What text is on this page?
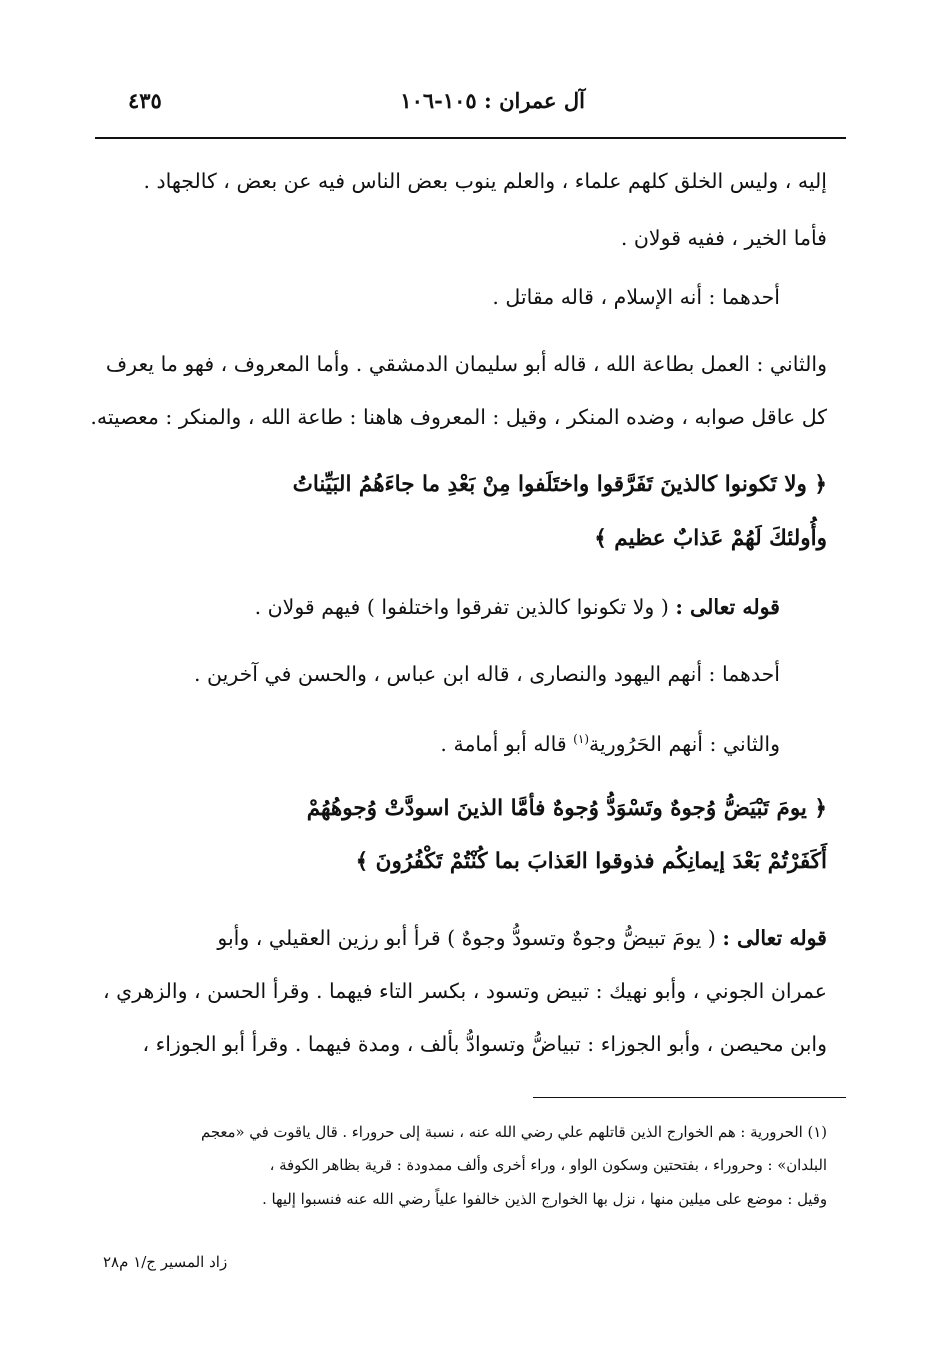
آل عمران : ١٠٥-١٠٦
٤٣٥
إليه ، وليس الخلق كلهم علماء ، والعلم ينوب بعض الناس فيه عن بعض ، كالجهاد .
فأما الخير ، ففيه قولان .
أحدهما : أنه الإسلام ، قاله مقاتل .
والثاني : العمل بطاعة الله ، قاله أبو سليمان الدمشقي . وأما المعروف ، فهو ما يعرف
كل عاقل صوابه ، وضده المنكر ، وقيل : المعروف هاهنا : طاعة الله ، والمنكر : معصيته.
﴿ ولا تَكونوا كالذينَ تَفَرَّقوا واختَلَفوا مِنْ بَعْدِ ما جاءَهُمُ البَيِّناتُ
وأُولئكَ لَهُمْ عَذابٌ عظيم ﴾
قوله تعالى : ( ولا تكونوا كالذين تفرقوا واختلفوا ) فيهم قولان .
أحدهما : أنهم اليهود والنصارى ، قاله ابن عباس ، والحسن في آخرين .
والثاني : أنهم الحَرُورية$^{(١)}$ قاله أبو أمامة .
﴿ يومَ تَبْيَضُّ وُجوهٌ وتَسْوَدُّ وُجوهٌ فأمَّا الذينَ اسودَّتْ وُجوهُهُمْ
أَكَفَرْتُمْ بَعْدَ إيمانِكُم فذوقوا العَذابَ بما كُنْتُمْ تَكْفُرُونَ ﴾
قوله تعالى : ( يومَ تبيضُّ وجوهٌ وتسودُّ وجوهٌ ) قرأ أبو رزين العقيلي ، وأبو
عمران الجوني ، وأبو نهيك : تبيض وتسود ، بكسر التاء فيهما . وقرأ الحسن ، والزهري ،
وابن محيصن ، وأبو الجوزاء : تبياضُّ وتسوادُّ بألف ، ومدة فيهما . وقرأ أبو الجوزاء ،
(١) الحرورية : هم الخوارج الذين قاتلهم علي رضي الله عنه ، نسبة إلى حروراء . قال ياقوت في «معجم
البلدان» : وحروراء ، بفتحتين وسكون الواو ، وراء أخرى وألف ممدودة : قرية بظاهر الكوفة ،
وقيل : موضع على ميلين منها ، نزل بها الخوارج الذين خالفوا علياً رضي الله عنه فنسبوا إليها .
زاد المسير ج/١ م٢٨
